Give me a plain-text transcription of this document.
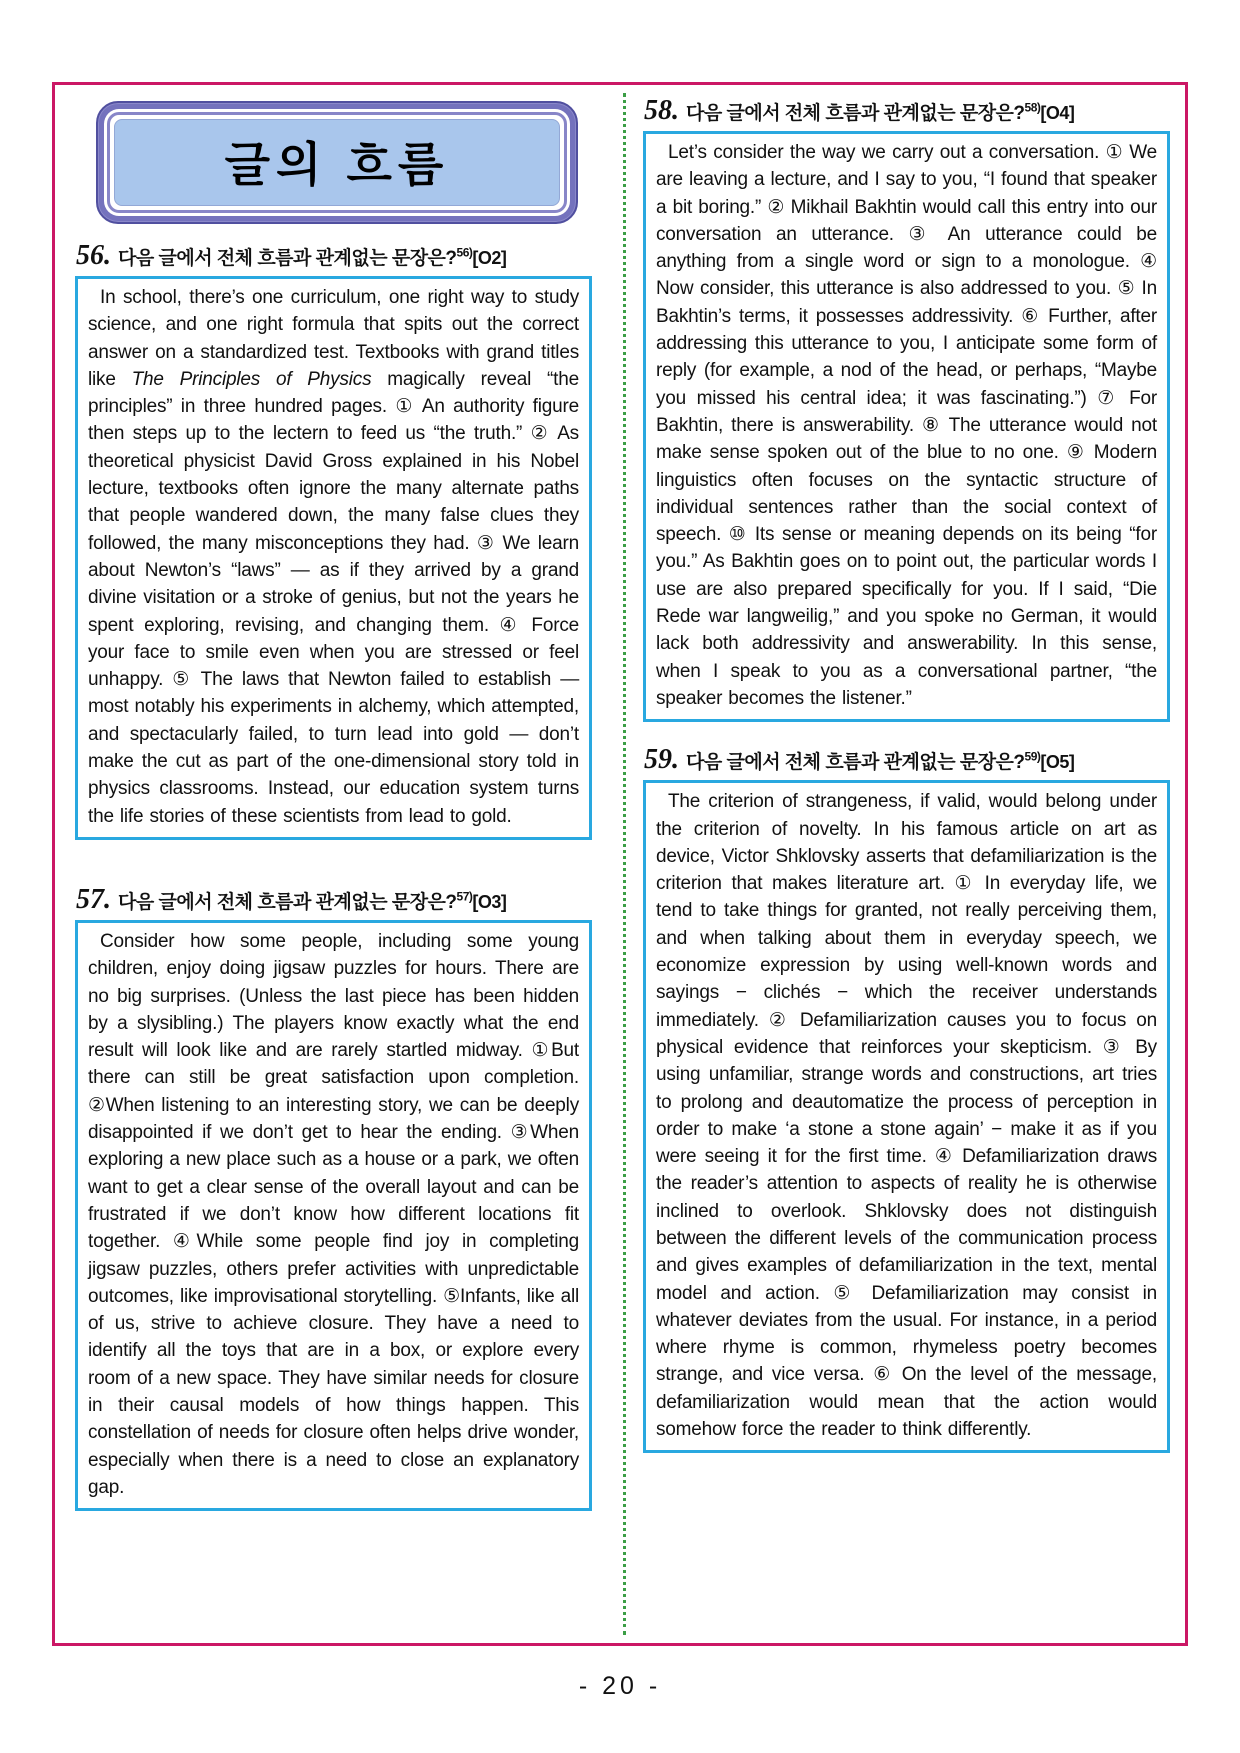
글의 흐름
56. 다음 글에서 전체 흐름과 관계없는 문장은?$^{56)}$[O2]

In school, there’s one curriculum, one right way to study science, and one right formula that spits out the correct answer on a standardized test. Textbooks with grand titles like The Principles of Physics magically reveal “the principles” in three hundred pages. ① An authority figure then steps up to the lectern to feed us “the truth.” ② As theoretical physicist David Gross explained in his Nobel lecture, textbooks often ignore the many alternate paths that people wandered down, the many false clues they followed, the many misconceptions they had. ③ We learn about Newton’s “laws” — as if they arrived by a grand divine visitation or a stroke of genius, but not the years he spent exploring, revising, and changing them. ④ Force your face to smile even when you are stressed or feel unhappy. ⑤ The laws that Newton failed to establish — most notably his experiments in alchemy, which attempted, and spectacularly failed, to turn lead into gold — don’t make the cut as part of the one-dimensional story told in physics classrooms. Instead, our education system turns the life stories of these scientists from lead to gold.

57. 다음 글에서 전체 흐름과 관계없는 문장은?$^{57)}$[O3]

Consider how some people, including some young children, enjoy doing jigsaw puzzles for hours. There are no big surprises. (Unless the last piece has been hidden by a slysibling.) The players know exactly what the end result will look like and are rarely startled midway. ①But there can still be great satisfaction upon completion. ②When listening to an interesting story, we can be deeply disappointed if we don’t get to hear the ending. ③When exploring a new place such as a house or a park, we often want to get a clear sense of the overall layout and can be frustrated if we don’t know how different locations fit together. ④While some people find joy in completing jigsaw puzzles, others prefer activities with unpredictable outcomes, like improvisational storytelling. ⑤Infants, like all of us, strive to achieve closure. They have a need to identify all the toys that are in a box, or explore every room of a new space. They have similar needs for closure in their causal models of how things happen. This constellation of needs for closure often helps drive wonder, especially when there is a need to close an explanatory gap.

58. 다음 글에서 전체 흐름과 관계없는 문장은?$^{58)}$[O4]

Let’s consider the way we carry out a conversation. ① We are leaving a lecture, and I say to you, “I found that speaker a bit boring.” ② Mikhail Bakhtin would call this entry into our conversation an utterance. ③ An utterance could be anything from a single word or sign to a monologue. ④ Now consider, this utterance is also addressed to you. ⑤ In Bakhtin’s terms, it possesses addressivity. ⑥ Further, after addressing this utterance to you, I anticipate some form of reply (for example, a nod of the head, or perhaps, “Maybe you missed his central idea; it was fascinating.”) ⑦ For Bakhtin, there is answerability. ⑧ The utterance would not make sense spoken out of the blue to no one. ⑨ Modern linguistics often focuses on the syntactic structure of individual sentences rather than the social context of speech. ⑩ Its sense or meaning depends on its being “for you.” As Bakhtin goes on to point out, the particular words I use are also prepared specifically for you. If I said, “Die Rede war langweilig,” and you spoke no German, it would lack both addressivity and answerability. In this sense, when I speak to you as a conversational partner, “the speaker becomes the listener.”

59. 다음 글에서 전체 흐름과 관계없는 문장은?$^{59)}$[O5]

The criterion of strangeness, if valid, would belong under the criterion of novelty. In his famous article on art as device, Victor Shklovsky asserts that defamiliarization is the criterion that makes literature art. ① In everyday life, we tend to take things for granted, not really perceiving them, and when talking about them in everyday speech, we economize expression by using well-known words and sayings − clichés − which the receiver understands immediately. ② Defamiliarization causes you to focus on physical evidence that reinforces your skepticism. ③ By using unfamiliar, strange words and constructions, art tries to prolong and deautomatize the process of perception in order to make ‘a stone a stone again’ − make it as if you were seeing it for the first time. ④ Defamiliarization draws the reader’s attention to aspects of reality he is otherwise inclined to overlook. Shklovsky does not distinguish between the different levels of the communication process and gives examples of defamiliarization in the text, mental model and action. ⑤ Defamiliarization may consist in whatever deviates from the usual. For instance, in a period where rhyme is common, rhymeless poetry becomes strange, and vice versa. ⑥ On the level of the message, defamiliarization would mean that the action would somehow force the reader to think differently.

- 20 -
